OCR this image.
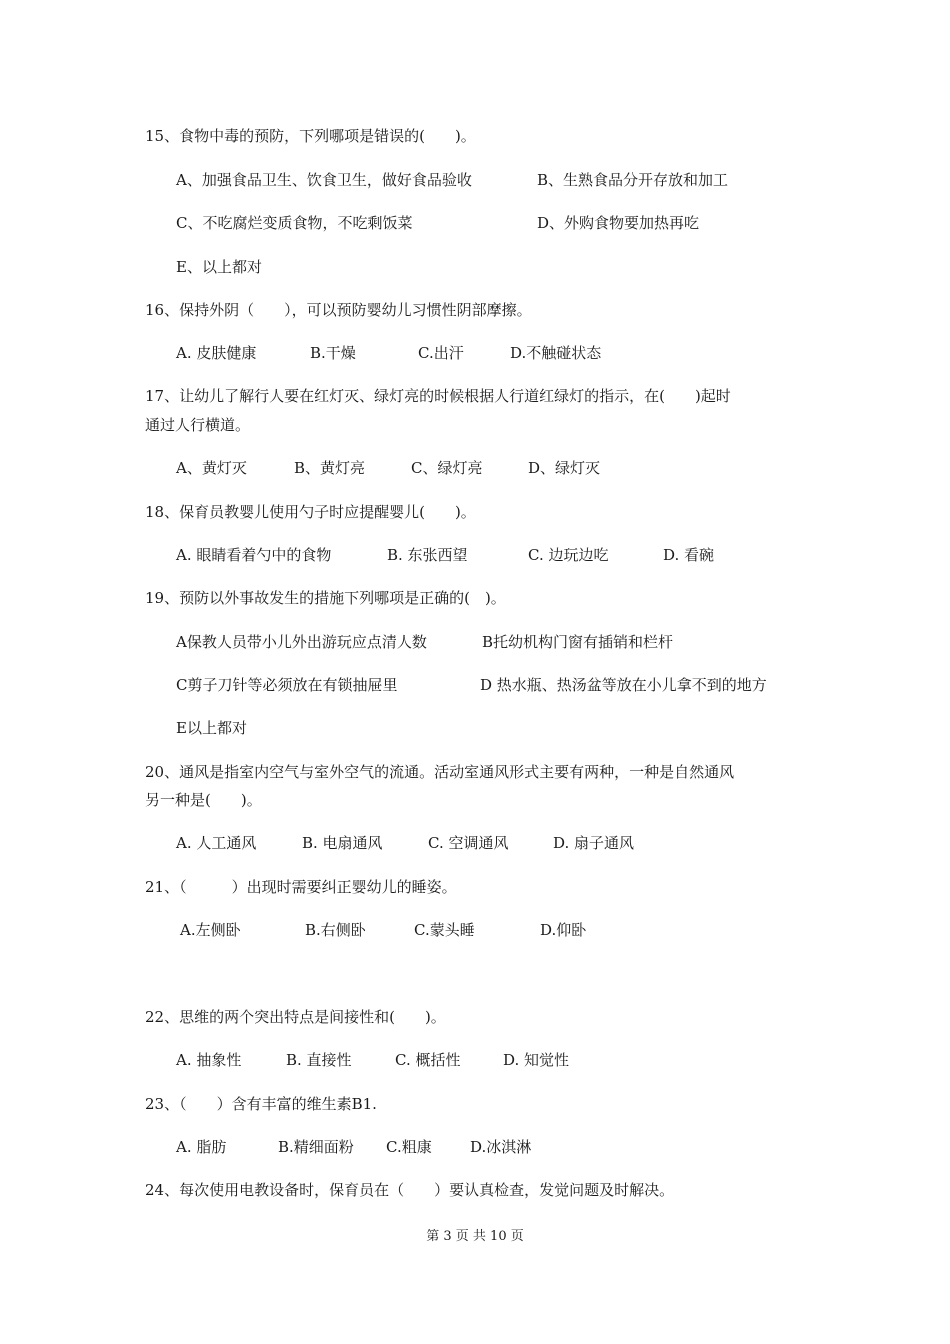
15、食物中毒的预防，下列哪项是错误的(　　)。
A、加强食品卫生、饮食卫生，做好食品验收	B、生熟食品分开存放和加工
C、不吃腐烂变质食物，不吃剩饭菜	D、外购食物要加热再吃
E、以上都对
16、保持外阴（　　），可以预防婴幼儿习惯性阴部摩擦。
A. 皮肤健康	B.干燥	C.出汗	D.不触碰状态
17、让幼儿了解行人要在红灯灭、绿灯亮的时候根据人行道红绿灯的指示，在(　　)起时
通过人行横道。
A、黄灯灭	B、黄灯亮	C、绿灯亮	D、绿灯灭
18、保育员教婴儿使用勺子时应提醒婴儿(　　)。
A. 眼睛看着勺中的食物	B. 东张西望	C. 边玩边吃	D. 看碗
19、预防以外事故发生的措施下列哪项是正确的(　)。
A保教人员带小儿外出游玩应点清人数	B托幼机构门窗有插销和栏杆
C剪子刀针等必须放在有锁抽屉里	D 热水瓶、热汤盆等放在小儿拿不到的地方
E以上都对
20、通风是指室内空气与室外空气的流通。活动室通风形式主要有两种，一种是自然通风
另一种是(　　)。
A. 人工通风	B. 电扇通风	C. 空调通风	D. 扇子通风
21、（　　　）出现时需要纠正婴幼儿的睡姿。
A.左侧卧	B.右侧卧	C.蒙头睡	D.仰卧
22、思维的两个突出特点是间接性和(　　)。
A. 抽象性	B. 直接性	C. 概括性	D. 知觉性
23、（　　）含有丰富的维生素B1.
A. 脂肪	B.精细面粉 C.粗康	D.冰淇淋
24、每次使用电教设备时，保育员在（　　）要认真检查，发觉问题及时解决。
第 3 页 共 10 页
